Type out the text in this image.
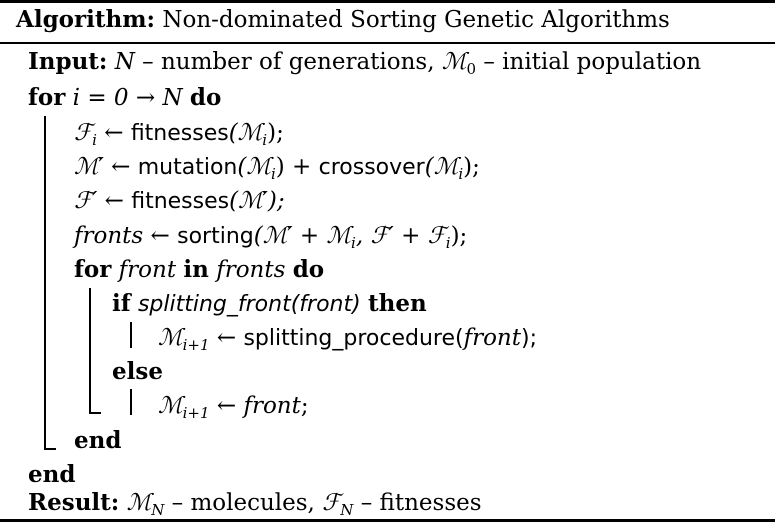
Algorithm: Non-dominated Sorting Genetic Algorithms
Input: N – number of generations, ℳ$_0$ – initial population
for i = 0 → N do
ℱ$_i$ ← fitnesses(ℳ$_i$);
ℳ′ ← mutation(ℳ$_i$) + crossover(ℳ$_i$);
ℱ′ ← fitnesses(ℳ′);
fronts ← sorting(ℳ′ + ℳ$_i$, ℱ′ + ℱ$_i$);
for front in fronts do
if splitting_front(front) then
ℳ$_{i+1}$ ← splitting_procedure(front);
else
ℳ$_{i+1}$ ← front;
end
end
Result: ℳ$_N$ – molecules, ℱ$_N$ – fitnesses
